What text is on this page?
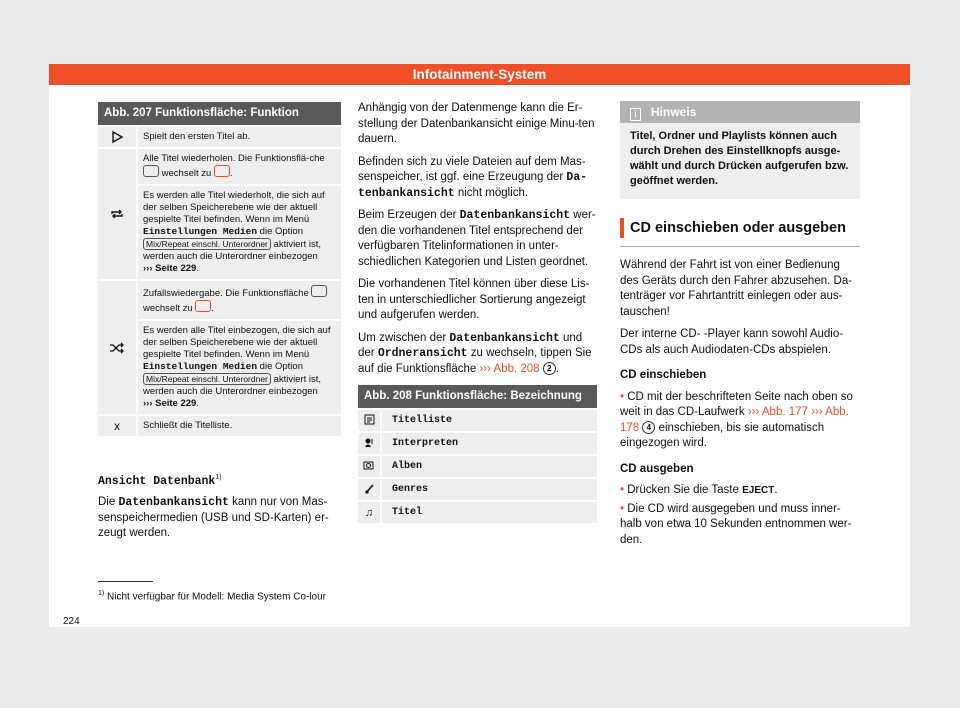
Infotainment-System
Abb. 207 Funktionsfläche: Funktion
Spielt den ersten Titel ab.
Alle Titel wiederholen. Die Funktionsflä-che  wechselt zu .
Es werden alle Titel wiederholt, die sich auf der selben Speicherebene wie der aktuell gespielte Titel befinden. Wenn im Menü Einstellungen Medien die Option Mix/Repeat einschl. Unterordner aktiviert ist, werden auch die Unterordner einbezogen
››› Seite 229.
Zufallswiedergabe. Die Funktionsfläche  wechselt zu .
Es werden alle Titel einbezogen, die sich auf der selben Speicherebene wie der aktuell gespielte Titel befinden. Wenn im Menü Einstellungen Medien die Option Mix/Repeat einschl. Unterordner aktiviert ist, werden auch die Unterordner einbezogen
››› Seite 229.
x	Schließt die Titelliste.

Ansicht Datenbank$^{1)}$

Die Datenbankansicht kann nur von Mas-senspeichermedien (USB und SD-Karten) er-zeugt werden.

Anhängig von der Datenmenge kann die Er-stellung der Datenbankansicht einige Minu-ten dauern.

Befinden sich zu viele Dateien auf dem Mas-senspeicher, ist ggf. eine Erzeugung der Da-tenbankansicht nicht möglich.

Beim Erzeugen der Datenbankansicht wer-den die vorhandenen Titel entsprechend der verfügbaren Titelinformationen in unter-schiedlichen Kategorien und Listen geordnet.

Die vorhandenen Titel können über diese Lis-ten in unterschiedlicher Sortierung angezeigt und aufgerufen werden.

Um zwischen der Datenbankansicht und der Ordneransicht zu wechseln, tippen Sie auf die Funktionsfläche ››› Abb. 208 2 .

Abb. 208 Funktionsfläche: Bezeichnung
Titelliste
Interpreten
Alben
Genres
♫	Titel
i Hinweis
Titel, Ordner und Playlists können auch durch Drehen des Einstellknopfs ausge-wählt und durch Drücken aufgerufen bzw. geöffnet werden.
CD einschieben oder ausgeben

Während der Fahrt ist von einer Bedienung des Geräts durch den Fahrer abzusehen. Da-tenträger vor Fahrtantritt einlegen oder aus-tauschen!

Der interne CD- -Player kann sowohl Audio-CDs als auch Audiodaten-CDs abspielen.

CD einschieben

• CD mit der beschrifteten Seite nach oben so weit in das CD-Laufwerk ››› Abb. 177 ››› Abb. 178 4 einschieben, bis sie automatisch eingezogen wird.

CD ausgeben

• Drücken Sie die Taste EJECT.

• Die CD wird ausgegeben und muss inner-halb von etwa 10 Sekunden entnommen wer-den.

$^{1)}$ Nicht verfügbar für Modell: Media System Co-lour
224
